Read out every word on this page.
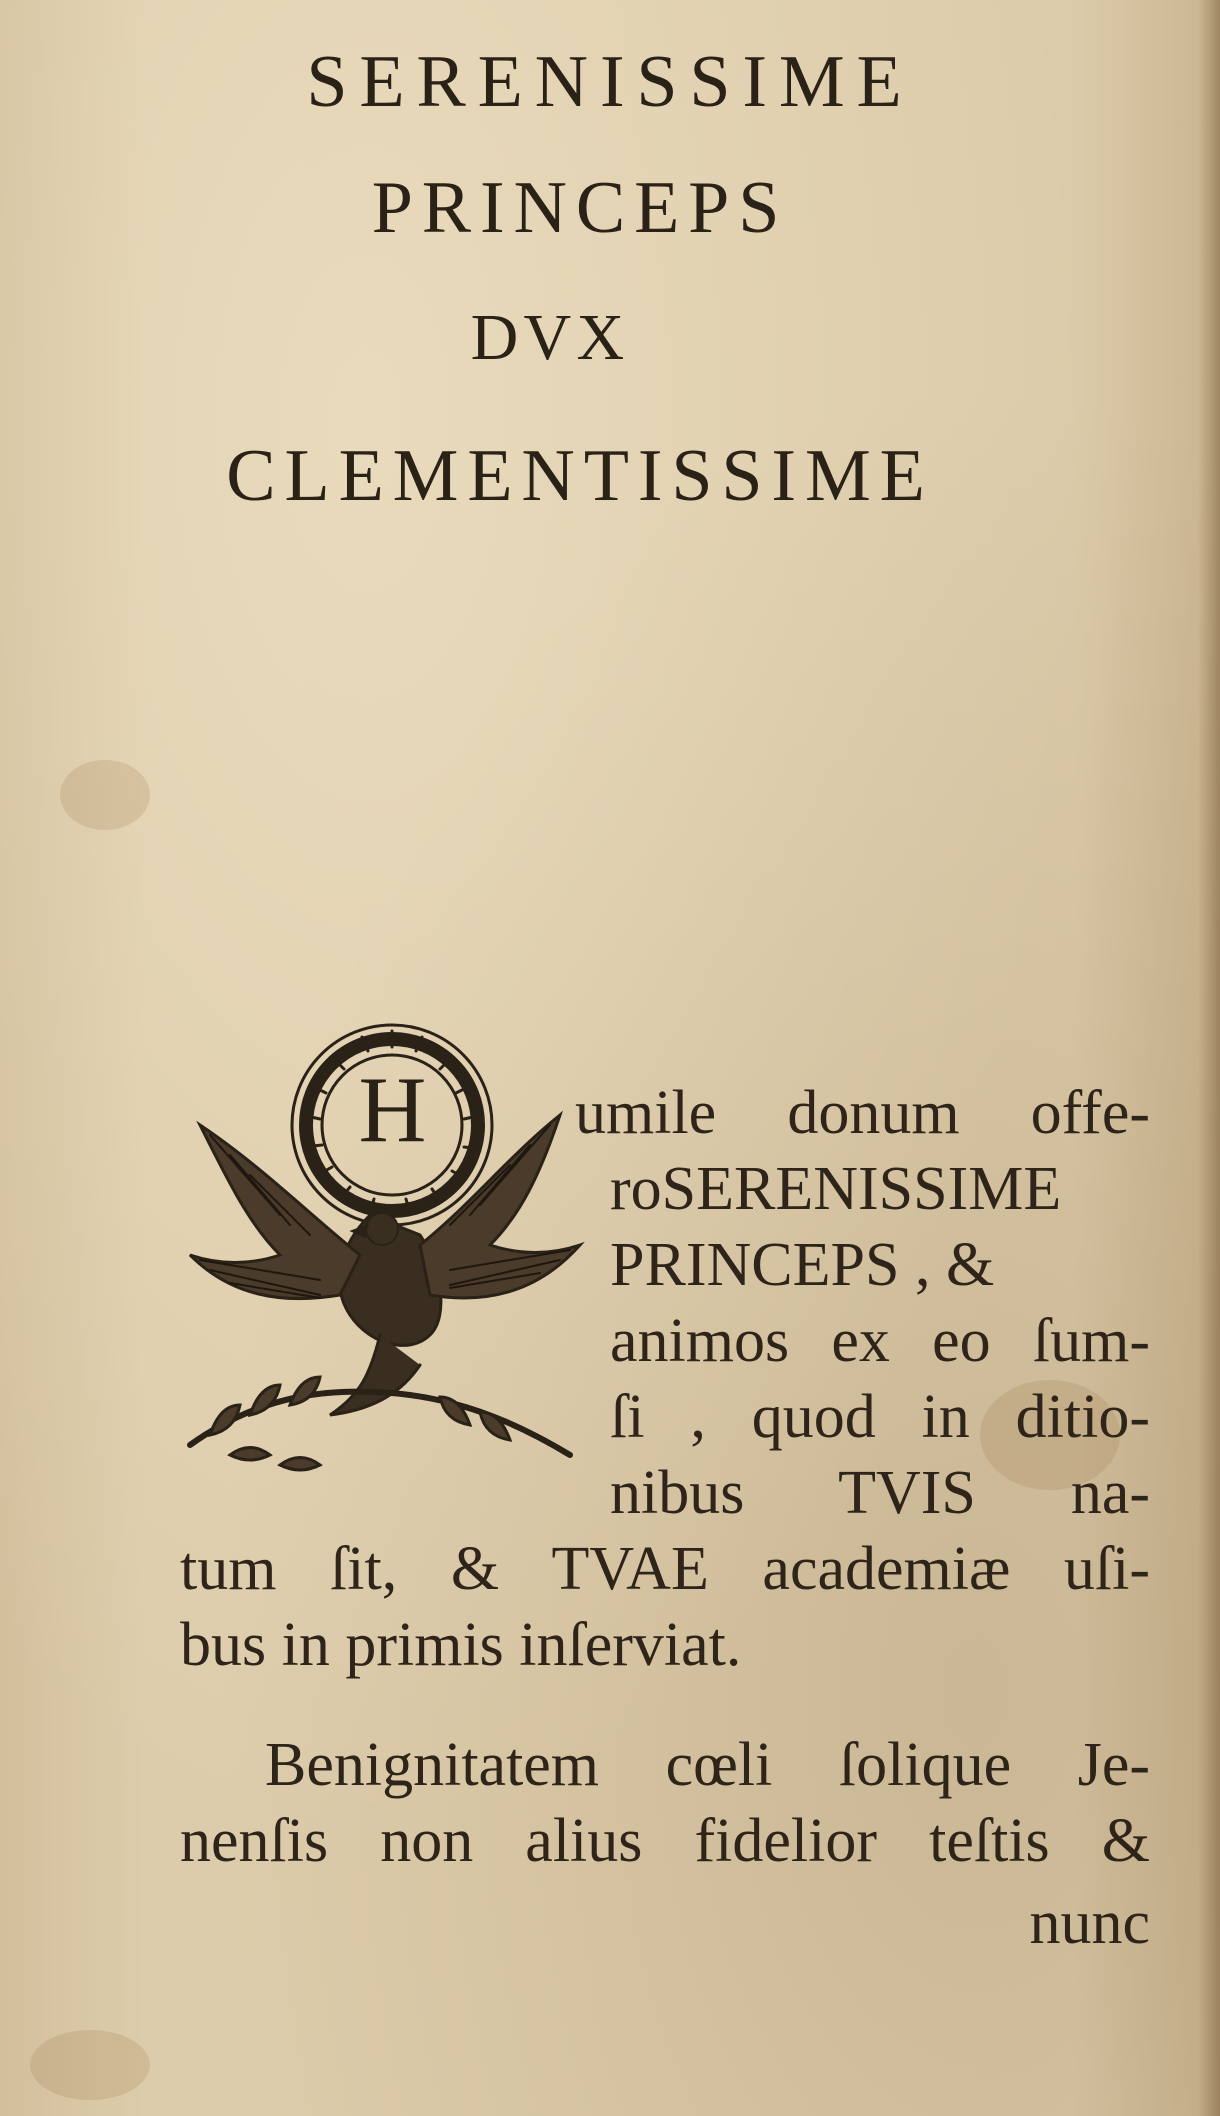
SERENISSIME
PRINCEPS
DVX
CLEMENTISSIME
H	umile donum offe-
roSERENISSIME
PRINCEPS , &
animos ex eo ſum-
ſi , quod in ditio-
nibus TVIS na-
tum ſit, & TVAE academiæ uſi-
bus in primis inſerviat.
Benignitatem cœli ſolique Je-
nenſis non alius fidelior teſtis &
nunc
